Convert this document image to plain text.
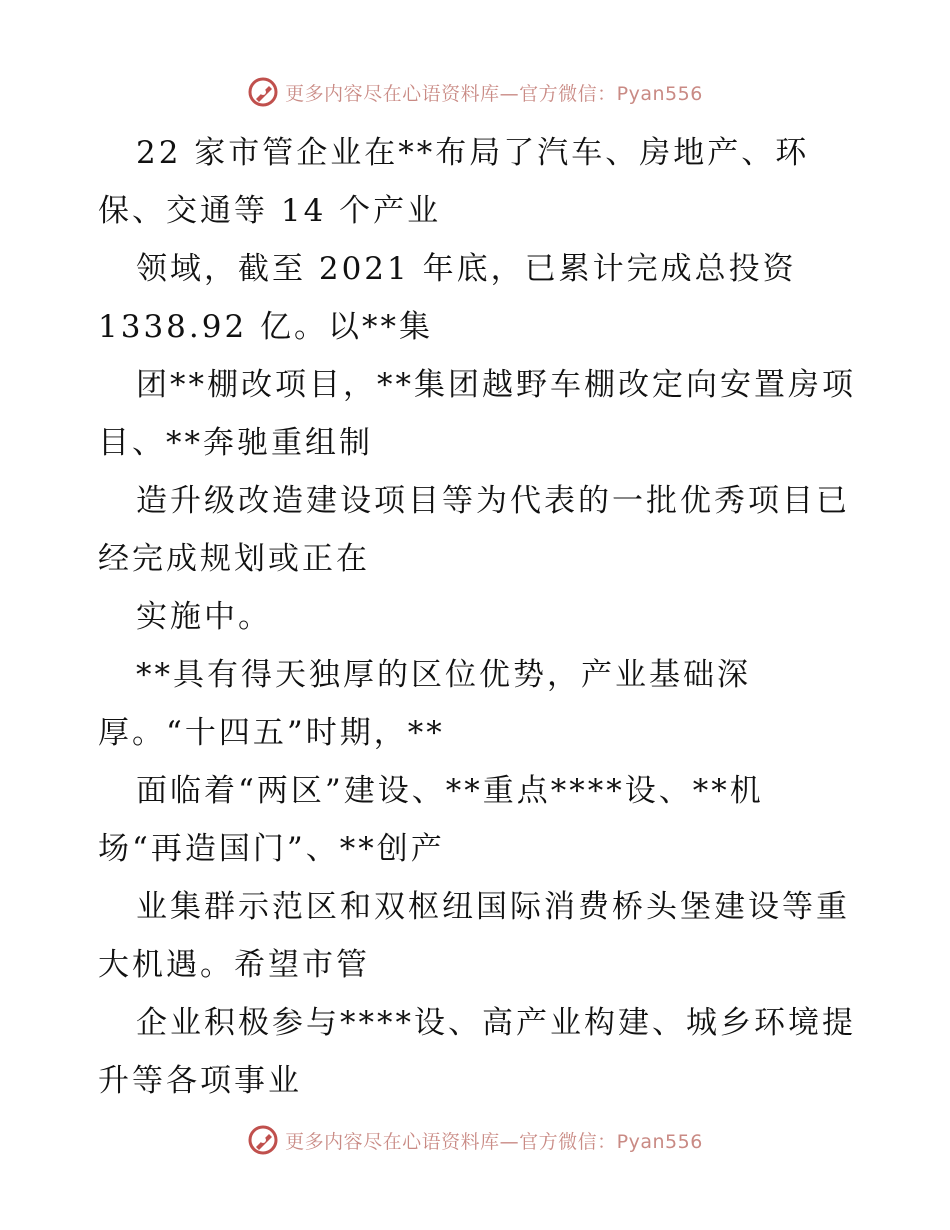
更多内容尽在心语资料库—官方微信：Pyan556
22 家市管企业在**布局了汽车、房地产、环
保、交通等 14 个产业
领域，截至 2021 年底，已累计完成总投资
1338.92 亿。以**集
团**棚改项目，**集团越野车棚改定向安置房项
目、**奔驰重组制
造升级改造建设项目等为代表的一批优秀项目已
经完成规划或正在
实施中。
**具有得天独厚的区位优势，产业基础深
厚。“十四五”时期，**
面临着“两区”建设、**重点****设、**机
场“再造国门”、**创产
业集群示范区和双枢纽国际消费桥头堡建设等重
大机遇。希望市管
企业积极参与****设、高产业构建、城乡环境提
升等各项事业
更多内容尽在心语资料库—官方微信：Pyan556
